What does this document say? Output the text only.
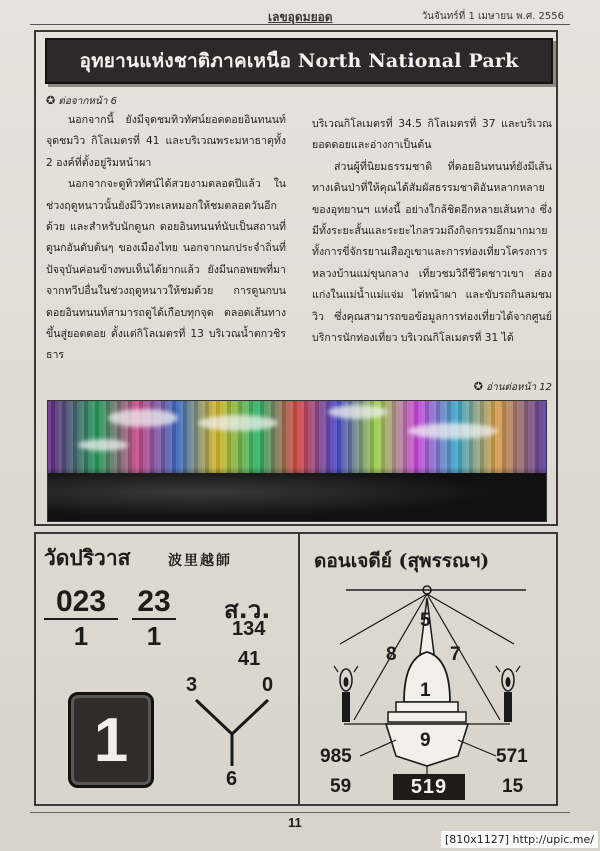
เลขอุดมยอด	วันจันทร์ที่ 1 เมษายน พ.ศ. 2556
อุทยานแห่งชาติภาคเหนือ North National Park
✪ ต่อจากหน้า 6

นอกจากนี้ ยังมีจุดชมทิวทัศน์ยอดดอยอินทนนท์ จุดชมวิว กิโลเมตรที่ 41 และบริเวณพระมหาธาตุทั้ง 2 องค์ที่ตั้งอยู่ริมหน้าผา

นอกจากจะดูทิวทัศน์ได้สวยงามตลอดปีแล้ว ในช่วงฤดูหนาวนั้นยังมีวิวทะเลหมอกให้ชมตลอดวันอีกด้วย และสำหรับนักดูนก ดอยอินทนนท์นับเป็นสถานที่ดูนกอันดับต้นๆ ของเมืองไทย นอกจากนกประจำถิ่นที่ปัจจุบันค่อนข้างพบเห็นได้ยากแล้ว ยังมีนกอพยพที่มาจากทวีปอื่นในช่วงฤดูหนาวให้ชมด้วย การดูนกบนดอยอินทนนท์สามารถดูได้เกือบทุกจุด ตลอดเส้นทางขึ้นสู่ยอดดอย ตั้งแต่กิโลเมตรที่ 13 บริเวณน้ำตกวชิรธาร

บริเวณกิโลเมตรที่ 34.5 กิโลเมตรที่ 37 และบริเวณยอดดอยและอ่างกาเป็นต้น

ส่วนผู้ที่นิยมธรรมชาติ ที่ดอยอินทนนท์ยังมีเส้นทางเดินป่าที่ให้คุณได้สัมผัสธรรมชาติอันหลากหลายของอุทยานฯ แห่งนี้ อย่างใกล้ชิดอีกหลายเส้นทาง ซึ่งมีทั้งระยะสั้นและระยะไกลรวมถึงกิจกรรมอีกมากมาย ทั้งการขี่จักรยานเสือภูเขาและการท่องเที่ยวโครงการหลวงบ้านแม่ขุนกลาง เที่ยวชมวิถีชีวิตชาวเขา ล่องแก่งในแม่น้ำแม่แจ่ม ไต่หน้าผา และขับรถกินลมชมวิว ซึ่งคุณสามารถขอข้อมูลการท่องเที่ยวได้จากศูนย์บริการนักท่องเที่ยว บริเวณกิโลเมตรที่ 31 ได้

✪ อ่านต่อหน้า 12
วัดปริวาส	波里越師
$\frac{023}{1} \frac{23}{1}$ ส.ว.
134
41
3	0
6
1
ดอนเจดีย์ (สุพรรณฯ)
5
8	7
1
9
985	571
59	519	15
11
[810x1127] http://upic.me/
